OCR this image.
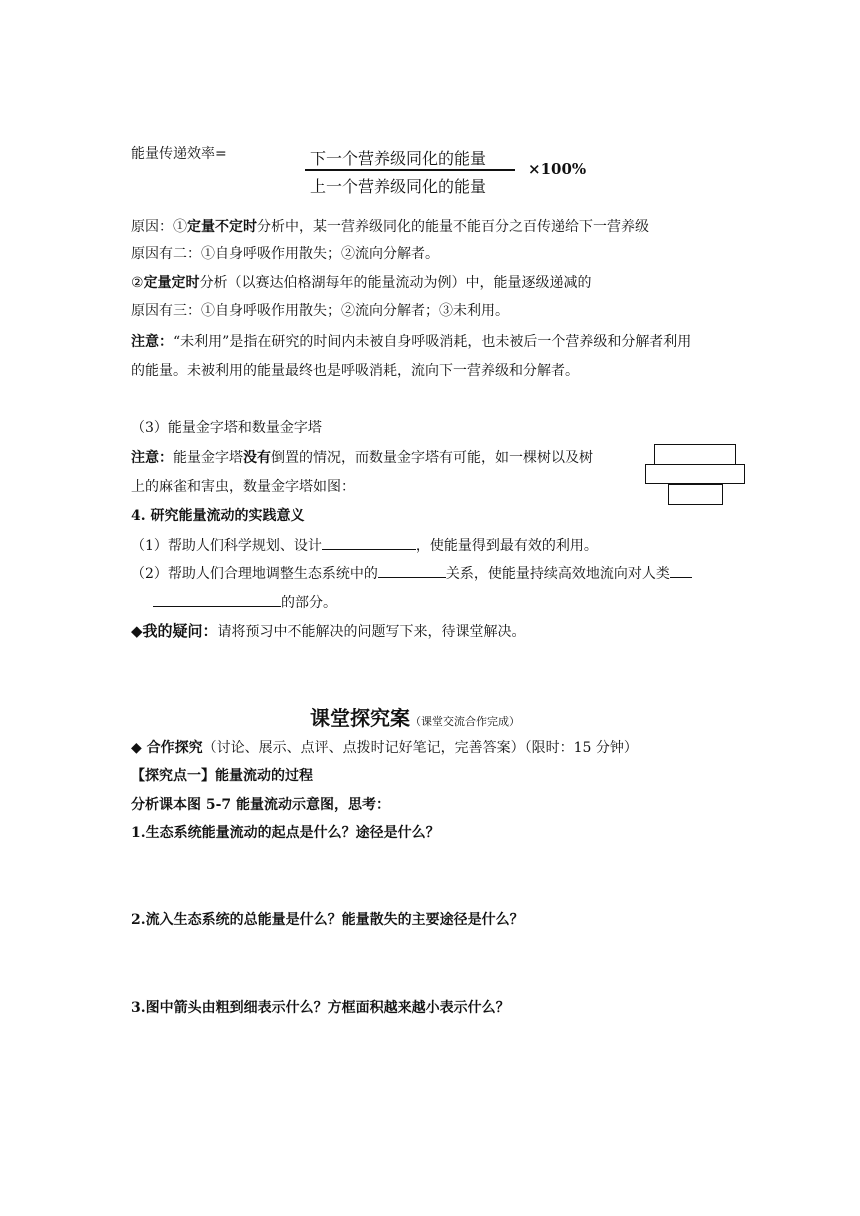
能量传递效率=	下一个营养级同化的能量
上一个营养级同化的能量
×100%
原因：①定量不定时分析中，某一营养级同化的能量不能百分之百传递给下一营养级
原因有二：①自身呼吸作用散失；②流向分解者。
②定量定时分析（以赛达伯格湖每年的能量流动为例）中，能量逐级递减的
原因有三：①自身呼吸作用散失；②流向分解者；③未利用。
注意：“未利用”是指在研究的时间内未被自身呼吸消耗，也未被后一个营养级和分解者利用
的能量。未被利用的能量最终也是呼吸消耗，流向下一营养级和分解者。
（3）能量金字塔和数量金字塔
注意：能量金字塔没有倒置的情况，而数量金字塔有可能，如一棵树以及树
上的麻雀和害虫，数量金字塔如图：
4. 研究能量流动的实践意义
（1）帮助人们科学规划、设计	，使能量得到最有效的利用。
（2）帮助人们合理地调整生态系统中的	关系，使能量持续高效地流向对人类
的部分。
◆我的疑问：请将预习中不能解决的问题写下来，待课堂解决。
课堂探究案（课堂交流合作完成）
◆ 合作探究（讨论、展示、点评、点拨时记好笔记，完善答案）（限时：15 分钟）
【探究点一】能量流动的过程
分析课本图 5-7 能量流动示意图，思考：
1.生态系统能量流动的起点是什么？途径是什么？
2.流入生态系统的总能量是什么？能量散失的主要途径是什么？
3.图中箭头由粗到细表示什么？方框面积越来越小表示什么？
